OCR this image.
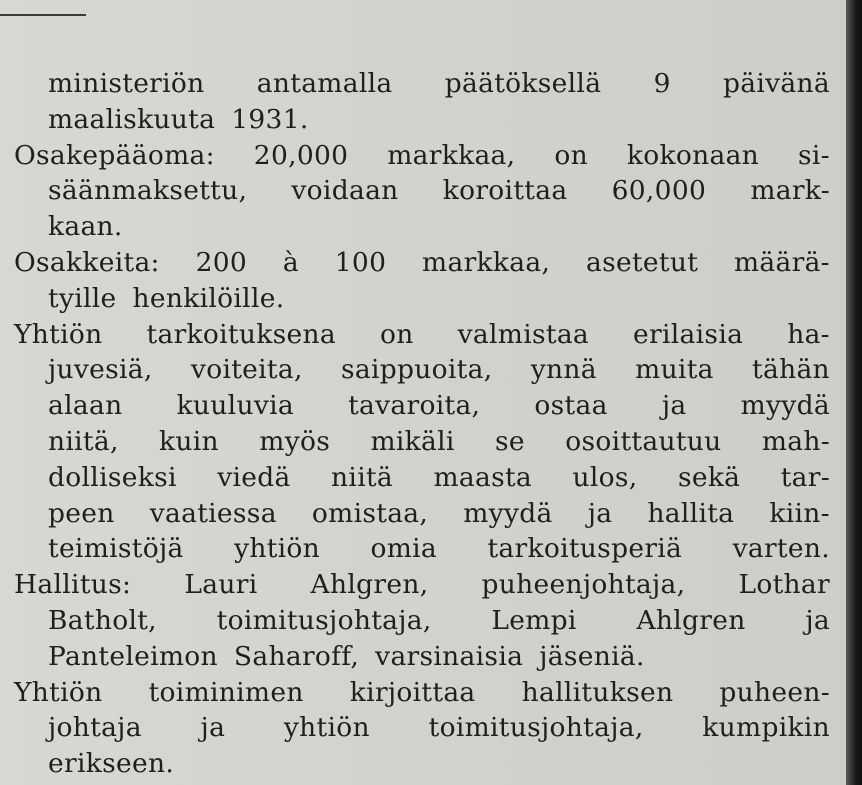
ministeriön antamalla päätöksellä 9 päivänä
maaliskuuta 1931.
Osakepääoma: 20,000 markkaa, on kokonaan si-
säänmaksettu, voidaan koroittaa 60,000 mark-
kaan.
Osakkeita: 200 à 100 markkaa, asetetut määrä-
tyille henkilöille.
Yhtiön tarkoituksena on valmistaa erilaisia ha-
juvesiä, voiteita, saippuoita, ynnä muita tähän
alaan kuuluvia tavaroita, ostaa ja myydä
niitä, kuin myös mikäli se osoittautuu mah-
dolliseksi viedä niitä maasta ulos, sekä tar-
peen vaatiessa omistaa, myydä ja hallita kiin-
teimistöjä yhtiön omia tarkoitusperiä varten.
Hallitus: Lauri Ahlgren, puheenjohtaja, Lothar
Batholt, toimitusjohtaja, Lempi Ahlgren ja
Panteleimon Saharoff, varsinaisia jäseniä.
Yhtiön toiminimen kirjoittaa hallituksen puheen-
johtaja ja yhtiön toimitusjohtaja, kumpikin
erikseen.
